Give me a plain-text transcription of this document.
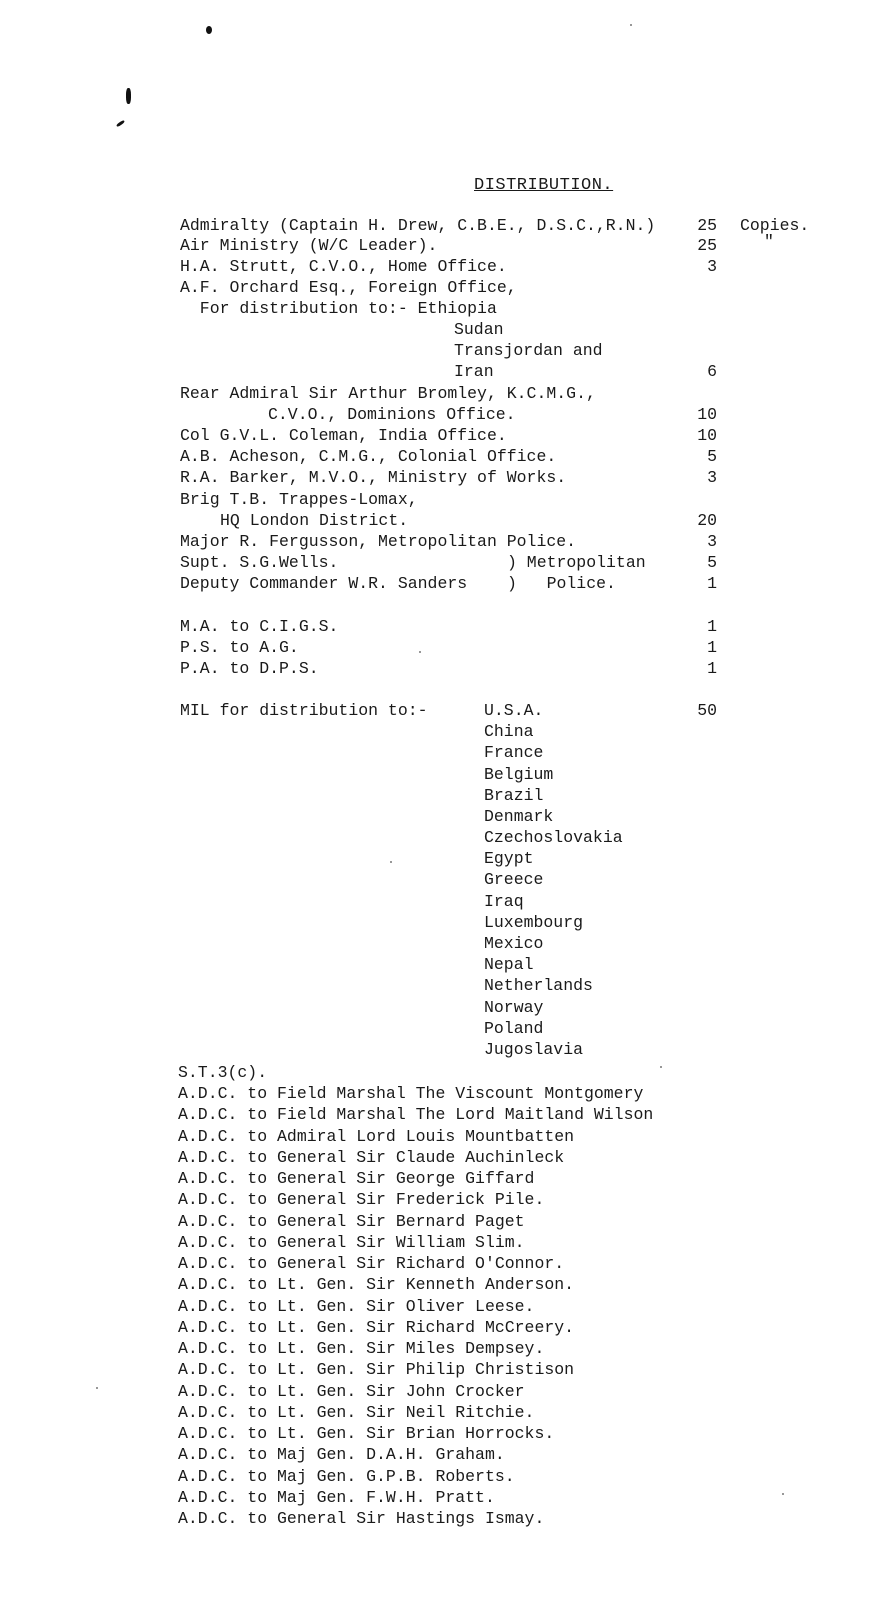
DISTRIBUTION.
Admiralty (Captain H. Drew, C.B.E., D.S.C.,R.N.)	25 Copies.
Air Ministry (W/C Leader).	25	"
H.A. Strutt, C.V.O., Home Office.	3
A.F. Orchard Esq., Foreign Office,
For distribution to:- Ethiopia
Sudan
Transjordan and
Iran	6
Rear Admiral Sir Arthur Bromley, K.C.M.G.,
C.V.O., Dominions Office.	10
Col G.V.L. Coleman, India Office.	10
A.B. Acheson, C.M.G., Colonial Office.	5
R.A. Barker, M.V.O., Ministry of Works.	3
Brig T.B. Trappes-Lomax,
HQ London District.	20
Major R. Fergusson, Metropolitan Police.	3
Supt. S.G.Wells.	) Metropolitan	5
Deputy Commander W.R. Sanders )   Police.	1
M.A. to C.I.G.S.	1
P.S. to A.G.	1
P.A. to D.P.S.	1
MIL for distribution to:-	50
U.S.A.
China
France
Belgium
Brazil
Denmark
Czechoslovakia
Egypt
Greece
Iraq
Luxembourg
Mexico
Nepal
Netherlands
Norway
Poland
Jugoslavia
S.T.3(c).
A.D.C. to Field Marshal The Viscount Montgomery
A.D.C. to Field Marshal The Lord Maitland Wilson
A.D.C. to Admiral Lord Louis Mountbatten
A.D.C. to General Sir Claude Auchinleck
A.D.C. to General Sir George Giffard
A.D.C. to General Sir Frederick Pile.
A.D.C. to General Sir Bernard Paget
A.D.C. to General Sir William Slim.
A.D.C. to General Sir Richard O'Connor.
A.D.C. to Lt. Gen. Sir Kenneth Anderson.
A.D.C. to Lt. Gen. Sir Oliver Leese.
A.D.C. to Lt. Gen. Sir Richard McCreery.
A.D.C. to Lt. Gen. Sir Miles Dempsey.
A.D.C. to Lt. Gen. Sir Philip Christison
A.D.C. to Lt. Gen. Sir John Crocker
A.D.C. to Lt. Gen. Sir Neil Ritchie.
A.D.C. to Lt. Gen. Sir Brian Horrocks.
A.D.C. to Maj Gen. D.A.H. Graham.
A.D.C. to Maj Gen. G.P.B. Roberts.
A.D.C. to Maj Gen. F.W.H. Pratt.
A.D.C. to General Sir Hastings Ismay.
